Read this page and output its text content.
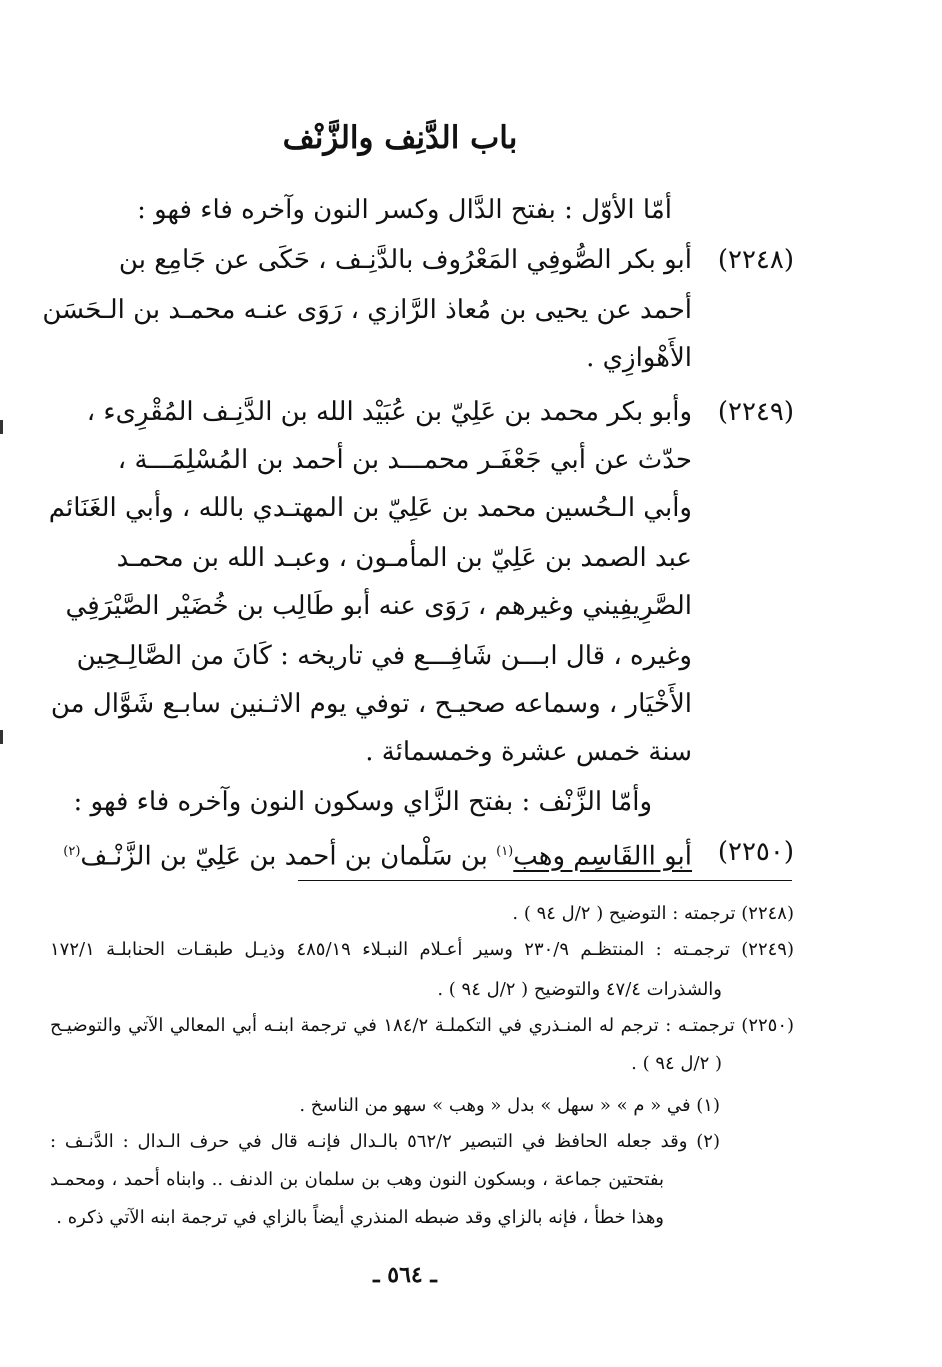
باب الدَّنِف والزَّنْف
أمّا الأوّل : بفتح الدَّال وكسر النون وآخره فاء فهو :
(٢٢٤٨)
أبو بكر الصُّوفِي المَعْرُوف بالدَّنِـف ، حَكَى عن جَامِع بن
أحمد عن يحيى بن مُعاذ الرَّازي ، رَوَى عنـه محمـد بن الـحَسَن
الأَهْوازِي .
(٢٢٤٩)
وأبو بكر محمد بن عَلِيّ بن عُبَيْد الله بن الدَّنِـف المُقْرِىء ،
حدّث عن أبي جَعْفَـر محمـــد بن أحمد بن المُسْلِمَـــة ،
وأبي الـحُسين محمد بن عَلِيّ بن المهتـدي بالله ، وأبي الغَنَائم
عبد الصمد بن عَلِيّ بن المأمـون ، وعبـد الله بن محمـد
الصَّرِيفِيني وغيرهم ، رَوَى عنه أبو طَالِب بن خُضَيْر الصَّيْرَفِي
وغيره ، قال ابـــن شَافِـــع في تاريخه : كَانَ من الصَّالِـحِين
الأَخْيَار ، وسماعه صحيـح ، توفي يوم الاثـنين سابـع شَوَّال من
سنة خمس عشرة وخمسمائة .
وأمّا الزَّنْف : بفتح الزَّاي وسكون النون وآخره فاء فهو :
(٢٢٥٠)
أبو االقَاسِم وهب$^{(١)}$ بن سَلْمان بن أحمد بن عَلِيّ بن الزَّنْـف$^{(٢)}$
(٢٢٤٨) ترجمته : التوضيح ( ٢/ل ٩٤ ) .
(٢٢٤٩) ترجمـته : المنتظـم ٢٣٠/٩ وسير أعـلام النبـلاء ٤٨٥/١٩ وذيـل طبقـات الحنابلـة ١٧٢/١
والشذرات ٤٧/٤ والتوضيح ( ٢/ل ٩٤ ) .
(٢٢٥٠) ترجمتـه : ترجم له المنـذري في التكملـة ١٨٤/٢ في ترجمة ابنـه أبي المعالي الآتي والتوضيـح
( ٢/ل ٩٤ ) .
(١) في « م » « سهل » بدل « وهب » سهو من الناسخ .
(٢) وقد جعله الحافظ في التبصير ٥٦٢/٢ بالـدال فإنـه قال في حرف الـدال : الدَّنـف :
بفتحتين جماعة ، وبسكون النون وهب بن سلمان بن الدنف .. وابناه أحمد ، ومحمـد
وهذا خطأ ، فإنه بالزاي وقد ضبطه المنذري أيضاً بالزاي في ترجمة ابنه الآتي ذكره .
ـ ٥٦٤ ـ
